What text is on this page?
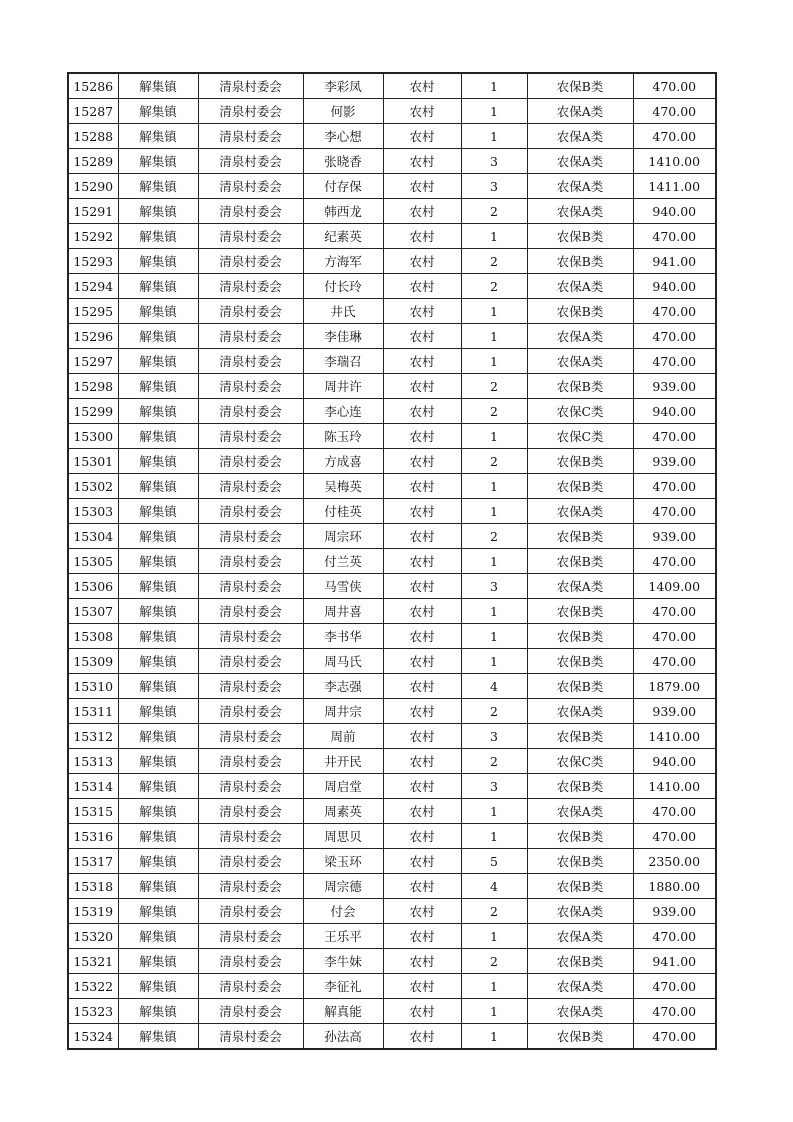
15286	解集镇	清泉村委会	李彩凤	农村	1	农保B类	470.00
15287	解集镇	清泉村委会	何影	农村	1	农保A类	470.00
15288	解集镇	清泉村委会	李心想	农村	1	农保A类	470.00
15289	解集镇	清泉村委会	张晓香	农村	3	农保A类	1410.00
15290	解集镇	清泉村委会	付存保	农村	3	农保A类	1411.00
15291	解集镇	清泉村委会	韩西龙	农村	2	农保A类	940.00
15292	解集镇	清泉村委会	纪素英	农村	1	农保B类	470.00
15293	解集镇	清泉村委会	方海军	农村	2	农保B类	941.00
15294	解集镇	清泉村委会	付长玲	农村	2	农保A类	940.00
15295	解集镇	清泉村委会	井氏	农村	1	农保B类	470.00
15296	解集镇	清泉村委会	李佳琳	农村	1	农保A类	470.00
15297	解集镇	清泉村委会	李瑞召	农村	1	农保A类	470.00
15298	解集镇	清泉村委会	周井许	农村	2	农保B类	939.00
15299	解集镇	清泉村委会	李心连	农村	2	农保C类	940.00
15300	解集镇	清泉村委会	陈玉玲	农村	1	农保C类	470.00
15301	解集镇	清泉村委会	方成喜	农村	2	农保B类	939.00
15302	解集镇	清泉村委会	吴梅英	农村	1	农保B类	470.00
15303	解集镇	清泉村委会	付桂英	农村	1	农保A类	470.00
15304	解集镇	清泉村委会	周宗环	农村	2	农保B类	939.00
15305	解集镇	清泉村委会	付兰英	农村	1	农保B类	470.00
15306	解集镇	清泉村委会	马雪侠	农村	3	农保A类	1409.00
15307	解集镇	清泉村委会	周井喜	农村	1	农保B类	470.00
15308	解集镇	清泉村委会	李书华	农村	1	农保B类	470.00
15309	解集镇	清泉村委会	周马氏	农村	1	农保B类	470.00
15310	解集镇	清泉村委会	李志强	农村	4	农保B类	1879.00
15311	解集镇	清泉村委会	周井宗	农村	2	农保A类	939.00
15312	解集镇	清泉村委会	周前	农村	3	农保B类	1410.00
15313	解集镇	清泉村委会	井开民	农村	2	农保C类	940.00
15314	解集镇	清泉村委会	周启堂	农村	3	农保B类	1410.00
15315	解集镇	清泉村委会	周素英	农村	1	农保A类	470.00
15316	解集镇	清泉村委会	周思贝	农村	1	农保B类	470.00
15317	解集镇	清泉村委会	梁玉环	农村	5	农保B类	2350.00
15318	解集镇	清泉村委会	周宗德	农村	4	农保B类	1880.00
15319	解集镇	清泉村委会	付会	农村	2	农保A类	939.00
15320	解集镇	清泉村委会	王乐平	农村	1	农保A类	470.00
15321	解集镇	清泉村委会	李牛妹	农村	2	农保B类	941.00
15322	解集镇	清泉村委会	李征礼	农村	1	农保A类	470.00
15323	解集镇	清泉村委会	解真能	农村	1	农保A类	470.00
15324	解集镇	清泉村委会	孙法高	农村	1	农保B类	470.00
